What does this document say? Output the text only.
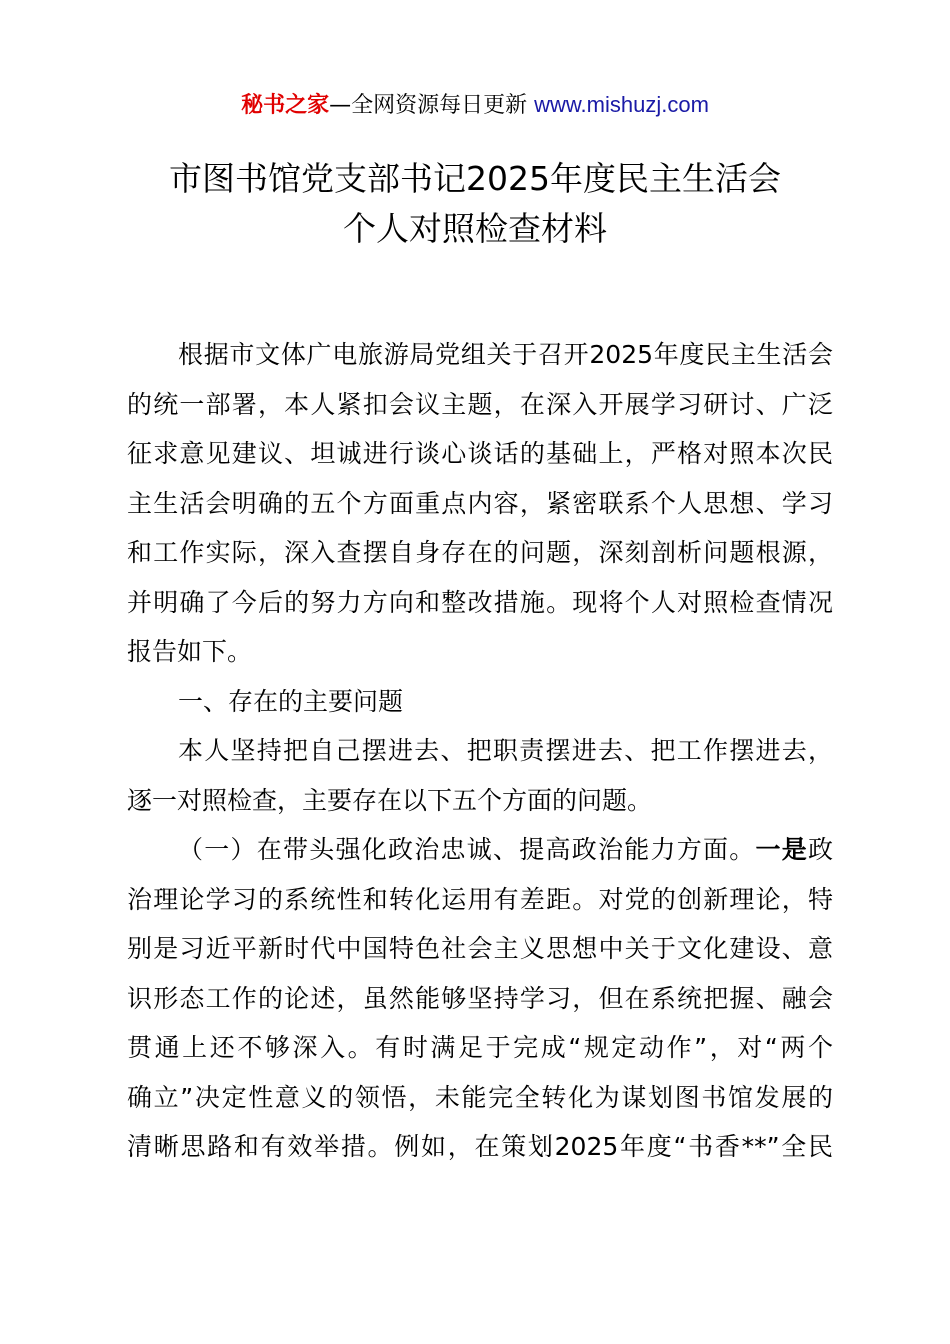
秘书之家—全网资源每日更新 www.mishuzj.com
市图书馆党支部书记2025年度民主生活会
个人对照检查材料
根据市文体广电旅游局党组关于召开2025年度民主生活会
的统一部署，本人紧扣会议主题，在深入开展学习研讨、广泛
征求意见建议、坦诚进行谈心谈话的基础上，严格对照本次民
主生活会明确的五个方面重点内容，紧密联系个人思想、学习
和工作实际，深入查摆自身存在的问题，深刻剖析问题根源，
并明确了今后的努力方向和整改措施。现将个人对照检查情况
报告如下。
一、存在的主要问题
本人坚持把自己摆进去、把职责摆进去、把工作摆进去，
逐一对照检查，主要存在以下五个方面的问题。
（一）在带头强化政治忠诚、提高政治能力方面。一是政
治理论学习的系统性和转化运用有差距。对党的创新理论，特
别是习近平新时代中国特色社会主义思想中关于文化建设、意
识形态工作的论述，虽然能够坚持学习，但在系统把握、融会
贯通上还不够深入。有时满足于完成“规定动作”，对“两个
确立”决定性意义的领悟，未能完全转化为谋划图书馆发展的
清晰思路和有效举措。例如，在策划2025年度“书香**”全民
